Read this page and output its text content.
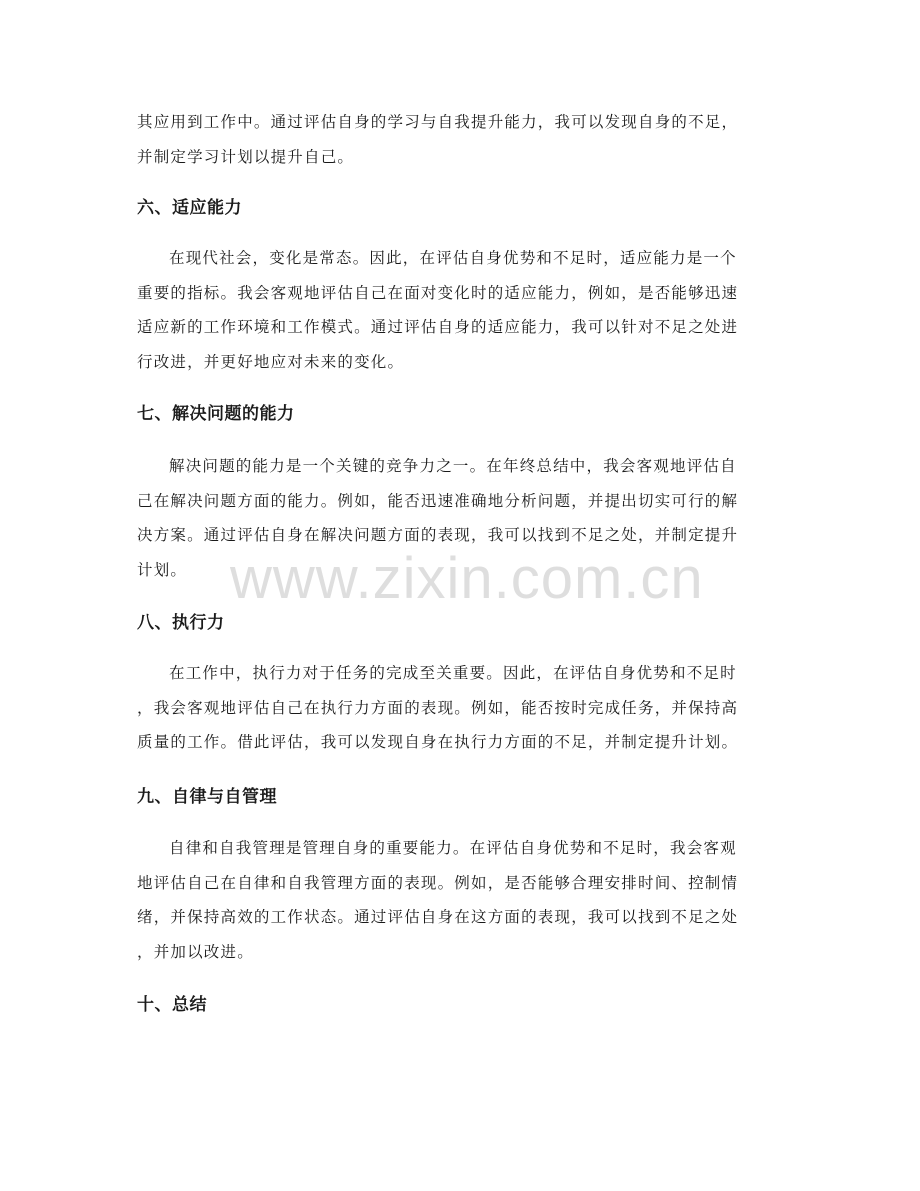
其应用到工作中。通过评估自身的学习与自我提升能力，我可以发现自身的不足，

并制定学习计划以提升自己。

六、适应能力

在现代社会，变化是常态。因此，在评估自身优势和不足时，适应能力是一个

重要的指标。我会客观地评估自己在面对变化时的适应能力，例如，是否能够迅速

适应新的工作环境和工作模式。通过评估自身的适应能力，我可以针对不足之处进

行改进，并更好地应对未来的变化。

七、解决问题的能力

解决问题的能力是一个关键的竞争力之一。在年终总结中，我会客观地评估自

己在解决问题方面的能力。例如，能否迅速准确地分析问题，并提出切实可行的解

决方案。通过评估自身在解决问题方面的表现，我可以找到不足之处，并制定提升

计划。

八、执行力

在工作中，执行力对于任务的完成至关重要。因此，在评估自身优势和不足时

，我会客观地评估自己在执行力方面的表现。例如，能否按时完成任务，并保持高

质量的工作。借此评估，我可以发现自身在执行力方面的不足，并制定提升计划。

九、自律与自管理

自律和自我管理是管理自身的重要能力。在评估自身优势和不足时，我会客观

地评估自己在自律和自我管理方面的表现。例如，是否能够合理安排时间、控制情

绪，并保持高效的工作状态。通过评估自身在这方面的表现，我可以找到不足之处

，并加以改进。

十、总结
www.zixin.com.cn
